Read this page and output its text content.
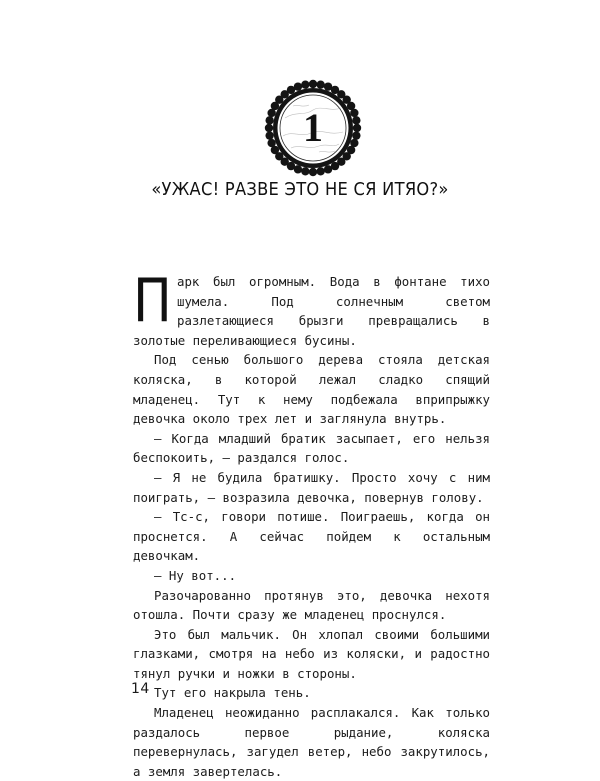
1
«УЖАС! РАЗВЕ ЭТО НЕ СЯ ИТЯО?»

Парк был огромным. Вода в фонтане тихо шумела. Под солнечным светом разлетающиеся брызги превращались в золотые переливающиеся бусины.

Под сенью большого дерева стояла детская коляска, в которой лежал сладко спящий младенец. Тут к нему подбежала вприпрыжку девочка около трех лет и заглянула внутрь.

— Когда младший братик засыпает, его нельзя беспокоить, — раздался голос.

— Я не будила братишку. Просто хочу с ним поиграть, — возразила девочка, повернув голову.

— Тс-с, говори потише. Поиграешь, когда он проснется. А сейчас пойдем к остальным девочкам.

— Ну вот...

Разочарованно протянув это, девочка нехотя отошла. Почти сразу же младенец проснулся.

Это был мальчик. Он хлопал своими большими глазками, смотря на небо из коляски, и радостно тянул ручки и ножки в стороны.

Тут его накрыла тень.

Младенец неожиданно расплакался. Как только раздалось первое рыдание, коляска перевернулась, загудел ветер, небо закрутилось, а земля завертелась.

14
